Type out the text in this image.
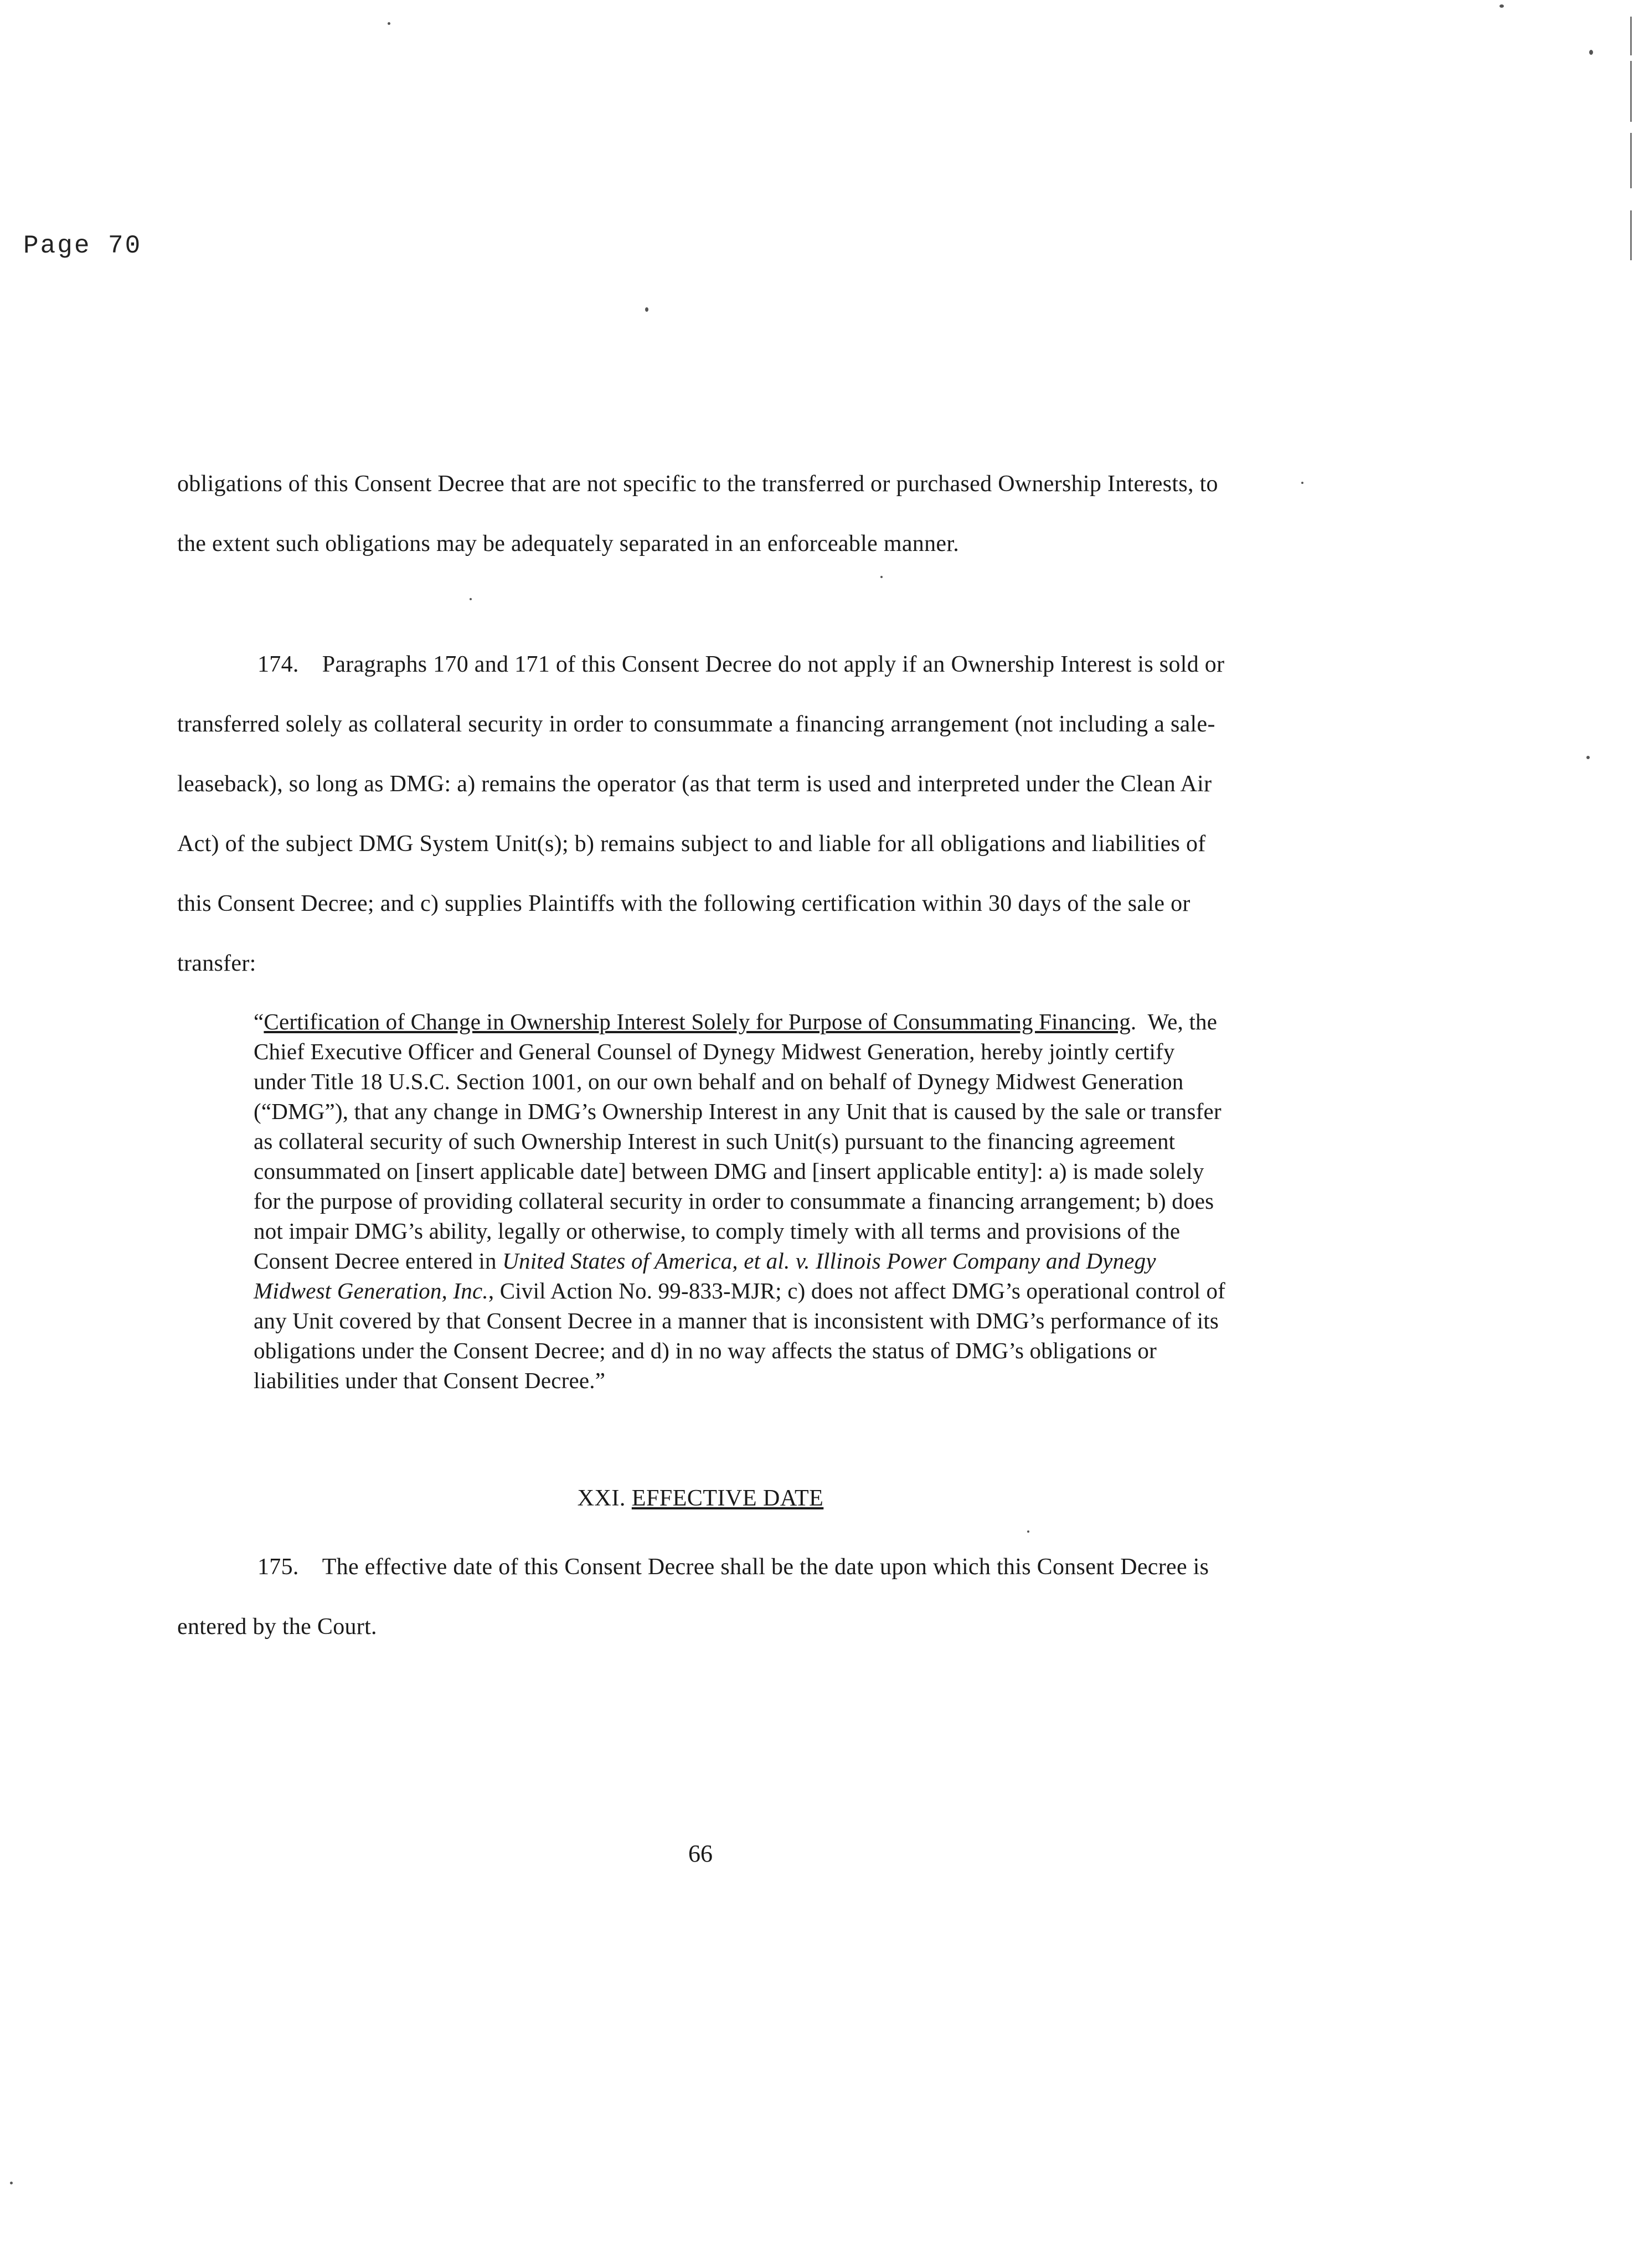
Page 70
obligations of this Consent Decree that are not specific to the transferred or purchased Ownership Interests, to the extent such obligations may be adequately separated in an enforceable manner.
174. Paragraphs 170 and 171 of this Consent Decree do not apply if an Ownership Interest is sold or transferred solely as collateral security in order to consummate a financing arrangement (not including a sale-leaseback), so long as DMG: a) remains the operator (as that term is used and interpreted under the Clean Air Act) of the subject DMG System Unit(s); b) remains subject to and liable for all obligations and liabilities of this Consent Decree; and c) supplies Plaintiffs with the following certification within 30 days of the sale or transfer:
“Certification of Change in Ownership Interest Solely for Purpose of Consummating Financing. We, the Chief Executive Officer and General Counsel of Dynegy Midwest Generation, hereby jointly certify under Title 18 U.S.C. Section 1001, on our own behalf and on behalf of Dynegy Midwest Generation (“DMG”), that any change in DMG’s Ownership Interest in any Unit that is caused by the sale or transfer as collateral security of such Ownership Interest in such Unit(s) pursuant to the financing agreement consummated on [insert applicable date] between DMG and [insert applicable entity]: a) is made solely for the purpose of providing collateral security in order to consummate a financing arrangement; b) does not impair DMG’s ability, legally or otherwise, to comply timely with all terms and provisions of the Consent Decree entered in United States of America, et al. v. Illinois Power Company and Dynegy Midwest Generation, Inc., Civil Action No. 99-833-MJR; c) does not affect DMG’s operational control of any Unit covered by that Consent Decree in a manner that is inconsistent with DMG’s performance of its obligations under the Consent Decree; and d) in no way affects the status of DMG’s obligations or liabilities under that Consent Decree.”
XXI. EFFECTIVE DATE
175. The effective date of this Consent Decree shall be the date upon which this Consent Decree is entered by the Court.
66
